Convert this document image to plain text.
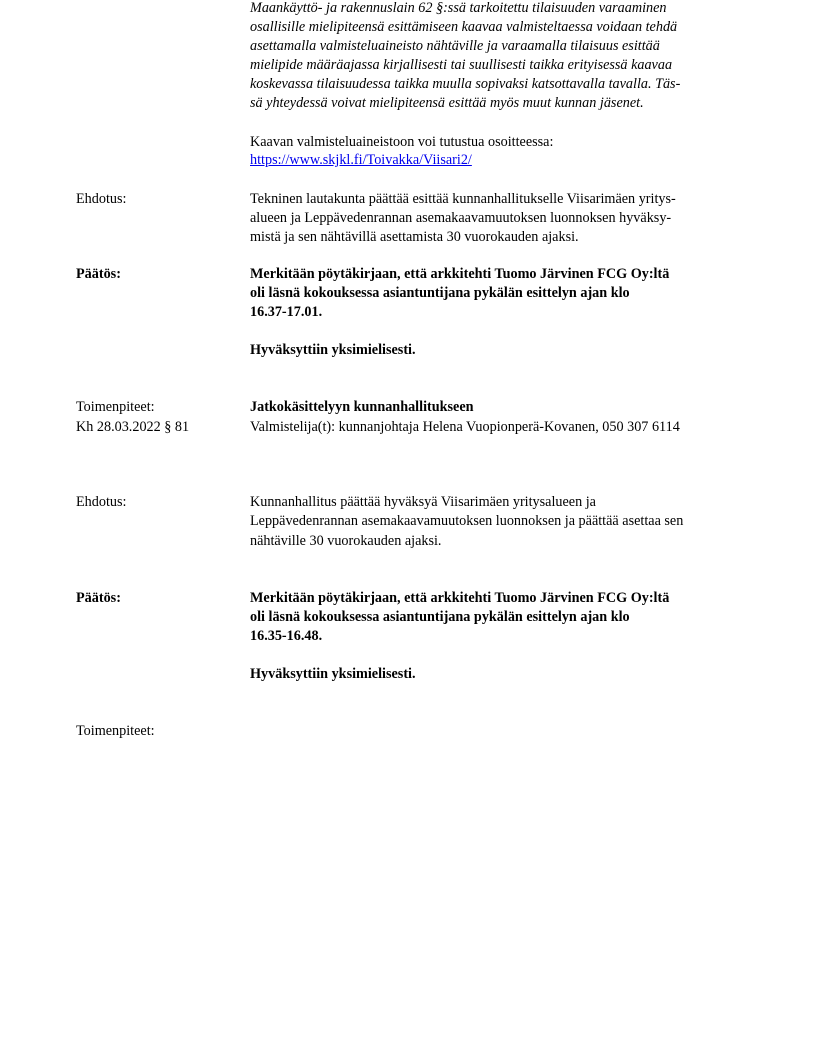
Maankäyttö- ja rakennuslain 62 §:ssä tarkoitettu tilaisuuden varaaminen
osallisille mielipiteensä esittämiseen kaavaa valmisteltaessa voidaan tehdä
asettamalla valmisteluaineisto nähtäville ja varaamalla tilaisuus esittää
mielipide määräajassa kirjallisesti tai suullisesti taikka erityisessä kaavaa
koskevassa tilaisuudessa taikka muulla sopivaksi katsottavalla tavalla. Täs-
sä yhteydessä voivat mielipiteensä esittää myös muut kunnan jäsenet.
Kaavan valmisteluaineistoon voi tutustua osoitteessa:
https://www.skjkl.fi/Toivakka/Viisari2/
Ehdotus:	Tekninen lautakunta päättää esittää kunnanhallitukselle Viisarimäen yritys-
alueen ja Leppävedenrannan asemakaavamuutoksen luonnoksen hyväksy-
mistä ja sen nähtävillä asettamista 30 vuorokauden ajaksi.
Päätös:	Merkitään pöytäkirjaan, että arkkitehti Tuomo Järvinen FCG Oy:ltä
oli läsnä kokouksessa asiantuntijana pykälän esittelyn ajan klo
16.37-17.01.
Hyväksyttiin yksimielisesti.
Toimenpiteet:	Jatkokäsittelyyn kunnanhallitukseen
Kh 28.03.2022 § 81	Valmistelija(t): kunnanjohtaja Helena Vuopionperä-Kovanen, 050 307 6114
Ehdotus:	Kunnanhallitus päättää hyväksyä Viisarimäen yritysalueen ja
Leppävedenrannan asemakaavamuutoksen luonnoksen ja päättää asettaa sen
nähtäville 30 vuorokauden ajaksi.
Päätös:	Merkitään pöytäkirjaan, että arkkitehti Tuomo Järvinen FCG Oy:ltä
oli läsnä kokouksessa asiantuntijana pykälän esittelyn ajan klo
16.35-16.48.
Hyväksyttiin yksimielisesti.
Toimenpiteet:
